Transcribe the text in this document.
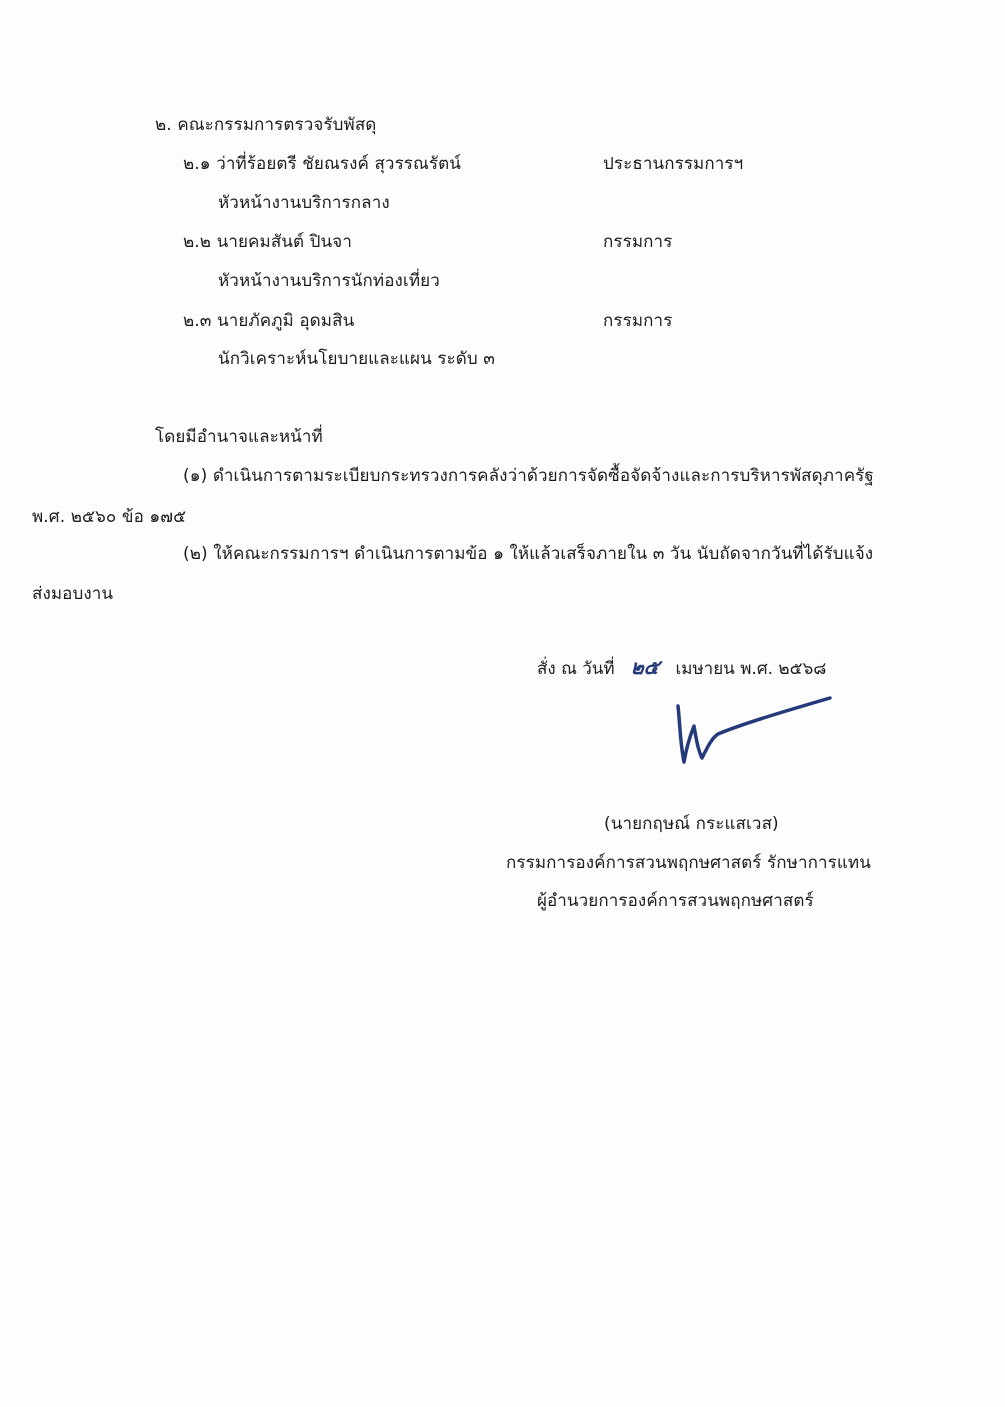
๒. คณะกรรมการตรวจรับพัสดุ
๒.๑ ว่าที่ร้อยตรี ชัยณรงค์ สุวรรณรัตน์	ประธานกรรมการฯ
หัวหน้างานบริการกลาง
๒.๒ นายคมสันต์ ปินจา	กรรมการ
หัวหน้างานบริการนักท่องเที่ยว
๒.๓ นายภัคภูมิ อุดมสิน	กรรมการ
นักวิเคราะห์นโยบายและแผน ระดับ ๓
โดยมีอำนาจและหน้าที่
(๑) ดำเนินการตามระเบียบกระทรวงการคลังว่าด้วยการจัดซื้อจัดจ้างและการบริหารพัสดุภาครัฐ
พ.ศ. ๒๕๖๐ ข้อ ๑๗๕
(๒) ให้คณะกรรมการฯ ดำเนินการตามข้อ ๑ ให้แล้วเสร็จภายใน ๓ วัน นับถัดจากวันที่ได้รับแจ้ง
ส่งมอบงาน
สั่ง ณ วันที่ ๒๕ เมษายน พ.ศ. ๒๕๖๘
(นายกฤษณ์ กระแสเวส)
กรรมการองค์การสวนพฤกษศาสตร์ รักษาการแทน
ผู้อำนวยการองค์การสวนพฤกษศาสตร์
